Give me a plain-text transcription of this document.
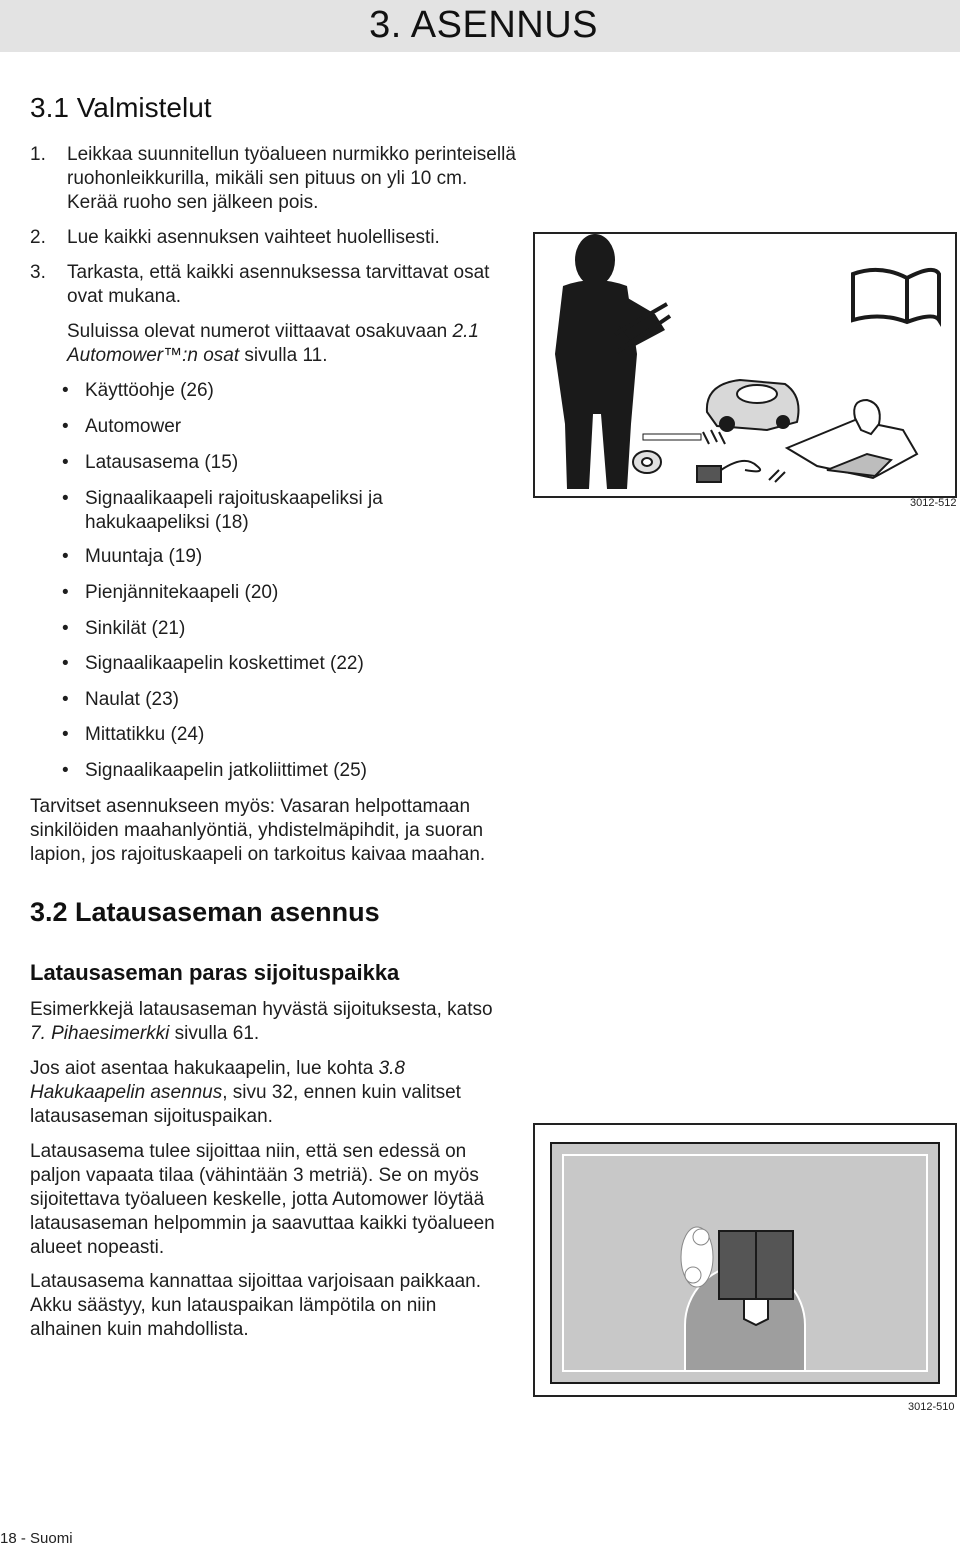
3. ASENNUS
3.1 Valmistelut
1. Leikkaa suunnitellun työalueen nurmikko perinteisellä ruohonleikkurilla, mikäli sen pituus on yli 10 cm. Kerää ruoho sen jälkeen pois.
2. Lue kaikki asennuksen vaihteet huolellisesti.
3. Tarkasta, että kaikki asennuksessa tarvittavat osat ovat mukana.
Suluissa olevat numerot viittaavat osakuvaan 2.1 Automower™:n osat sivulla 11.
• Käyttöohje (26)
• Automower
• Latausasema (15)
• Signaalikaapeli rajoituskaapeliksi ja hakukaapeliksi (18)
• Muuntaja (19)
• Pienjännitekaapeli (20)
• Sinkilät (21)
• Signaalikaapelin koskettimet (22)
• Naulat (23)
• Mittatikku (24)
• Signaalikaapelin jatkoliittimet (25)
Tarvitset asennukseen myös: Vasaran helpottamaan sinkilöiden maahanlyöntiä, yhdistelmäpihdit, ja suoran lapion, jos rajoituskaapeli on tarkoitus kaivaa maahan.
3.2 Latausaseman asennus
Latausaseman paras sijoituspaikka
Esimerkkejä latausaseman hyvästä sijoituksesta, katso 7. Pihaesimerkki sivulla 61.
Jos aiot asentaa hakukaapelin, lue kohta 3.8 Hakukaapelin asennus, sivu 32, ennen kuin valitset latausaseman sijoituspaikan.
Latausasema tulee sijoittaa niin, että sen edessä on paljon vapaata tilaa (vähintään 3 metriä). Se on myös sijoitettava työalueen keskelle, jotta Automower löytää latausaseman helpommin ja saavuttaa kaikki työalueen alueet nopeasti.
Latausasema kannattaa sijoittaa varjoisaan paikkaan. Akku säästyy, kun latauspaikan lämpötila on niin alhainen kuin mahdollista.
3012-512
3012-510
18 - Suomi
